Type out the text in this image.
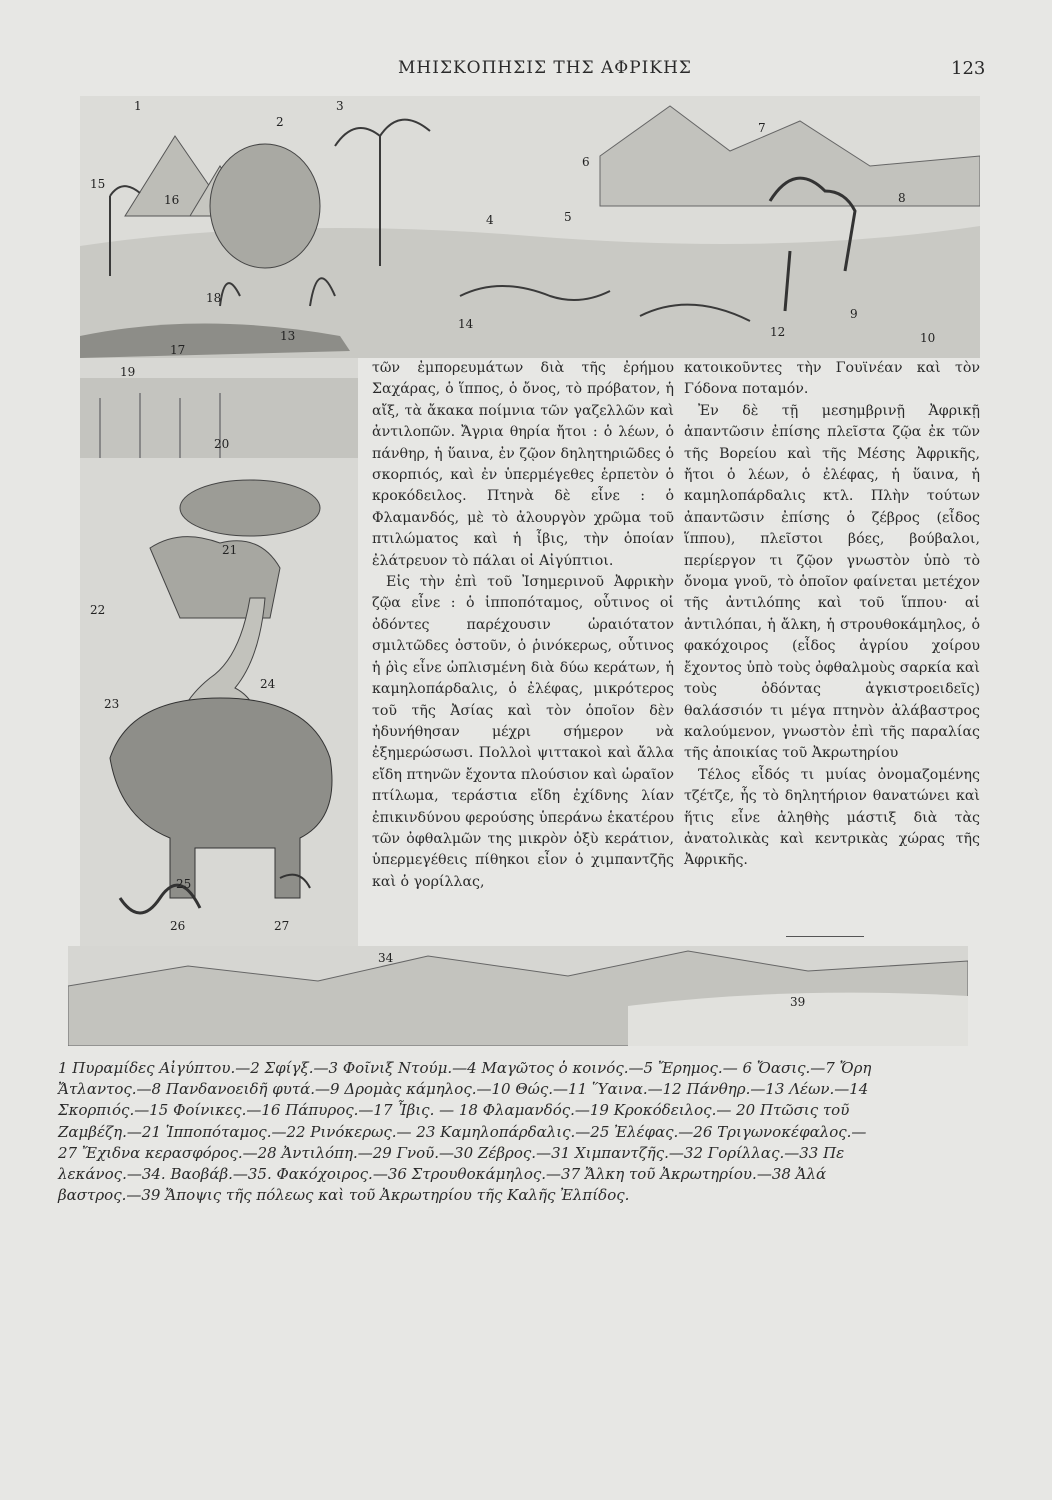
ΜΗΙΣΚΟΠΗΣΙΣ ΤΗΣ ΑΦΡΙΚΗΣ	123
1
2
3
4	5
6
7
8
9
10
12
13
14
15
16
17
18
19
20
21
22
23
24
25
26	27
34
39

τῶν ἐμπορευμάτων διὰ τῆς ἐρήμου Σαχάρας, ὁ ἵππος, ὁ ὄνος, τὸ πρόβατον, ἡ αἴξ, τὰ ἄκακα ποίμνια τῶν γαζελλῶν καὶ ἀντιλοπῶν. Ἄγρια θηρία ἤτοι : ὁ λέων, ὁ πάνθηρ, ἡ ὕαινα, ἐν ζῷον δηλητηριῶδες ὁ σκορπιός, καὶ ἐν ὑπερμέγεθες ἑρπετὸν ὁ κροκόδειλος. Πτηνὰ δὲ εἶνε : ὁ Φλαμανδός, μὲ τὸ ἀλουργὸν χρῶμα τοῦ πτιλώματος καὶ ἡ ἶβις, τὴν ὁποίαν ἐλάτρευον τὸ πάλαι οἱ Αἰγύπτιοι.

Εἰς τὴν ἐπὶ τοῦ Ἰσημερινοῦ Ἀφρικὴν ζῷα εἶνε : ὁ ἱπποπόταμος, οὗτινος οἱ ὀδόντες παρέχουσιν ὡραιότατον σμιλτῶδες ὀστοῦν, ὁ ῥινόκερως, οὗτινος ἡ ῥὶς εἶνε ὡπλισμένη διὰ δύω κεράτων, ἡ καμηλοπάρδαλις, ὁ ἐλέφας, μικρότερος τοῦ τῆς Ἀσίας καὶ τὸν ὁποῖον δὲν ἠδυνήθησαν μέχρι σήμερον νὰ ἐξημερώσωσι. Πολλοὶ ψιττακοὶ καὶ ἄλλα εἴδη πτηνῶν ἔχοντα πλούσιον καὶ ὡραῖον πτίλωμα, τεράστια εἴδη ἐχίδνης λίαν ἐπικινδύνου φερούσης ὑπεράνω ἑκατέρου τῶν ὀφθαλμῶν της μικρὸν ὀξὺ κεράτιον, ὑπερμεγέθεις πίθηκοι εἶον ὁ χιμπαντζῆς καὶ ὁ γορίλλας,

κατοικοῦντες τὴν Γουϊνέαν καὶ τὸν Γόδονα ποταμόν.

Ἐν δὲ τῇ μεσημβρινῇ Ἀφρικῇ ἀπαντῶσιν ἐπίσης πλεῖστα ζῷα ἐκ τῶν τῆς Βορείου καὶ τῆς Μέσης Ἀφρικῆς, ἤτοι ὁ λέων, ὁ ἐλέφας, ἡ ὕαινα, ἡ καμηλοπάρδαλις κτλ. Πλὴν τούτων ἀπαντῶσιν ἐπίσης ὁ ζέβρος (εἶδος ἵππου), πλεῖστοι βόες, βούβαλοι, περίεργον τι ζῷον γνωστὸν ὑπὸ τὸ ὄνομα γνοῦ, τὸ ὁποῖον φαίνεται μετέχον τῆς ἀντιλόπης καὶ τοῦ ἵππου· αἱ ἀντιλόπαι, ἡ ἄλκη, ἡ στρουθοκάμηλος, ὁ φακόχοιρος (εἶδος ἀγρίου χοίρου ἔχοντος ὑπὸ τοὺς ὀφθαλμοὺς σαρκία καὶ τοὺς ὀδόντας ἀγκιστροειδεῖς) θαλάσσιόν τι μέγα πτηνὸν ἀλάβαστρος καλούμενον, γνωστὸν ἐπὶ τῆς παραλίας τῆς ἀποικίας τοῦ Ἀκρωτηρίου

Τέλος εἶδός τι μυίας ὀνομαζομένης τζέτζε, ἧς τὸ δηλητήριον θανατώνει καὶ ἥτις εἶνε ἀληθὴς μάστιξ διὰ τὰς ἀνατολικὰς καὶ κεντρικὰς χώρας τῆς Ἀφρικῆς.

1 Πυραμίδες Αἰγύπτου.—2 Σφίγξ.—3 Φοῖνιξ Ντούμ.—4 Μαγῶτος ὁ κοινός.—5 Ἔρημος.— 6 Ὄασις.—7 Ὄρη
Ἄτλαντος.—8 Πανδανοειδῆ φυτά.—9 Δρομὰς κάμηλος.—10 Θώς.—11 Ὕαινα.—12 Πάνθηρ.—13 Λέων.—14
Σκορπιός.—15 Φοίνικες.—16 Πάπυρος.—17 Ἶβις. — 18 Φλαμανδός.—19 Κροκόδειλος.— 20 Πτῶσις τοῦ
Ζαμβέζη.—21 Ἱπποπόταμος.—22 Ρινόκερως.— 23 Καμηλοπάρδαλις.—25 Ἐλέφας.—26 Τριγωνοκέφαλος.—
27 Ἔχιδνα κερασφόρος.—28 Ἀντιλόπη.—29 Γνοῦ.—30 Ζέβρος.—31 Χιμπαντζῆς.—32 Γορίλλας.—33 Πε
λεκάνος.—34. Βαοβάβ.—35. Φακόχοιρος.—36 Στρουθοκάμηλος.—37 Ἄλκη τοῦ Ἀκρωτηρίου.—38 Ἀλά
βαστρος.—39 Ἄποψις τῆς πόλεως καὶ τοῦ Ἀκρωτηρίου τῆς Καλῆς Ἐλπίδος.
